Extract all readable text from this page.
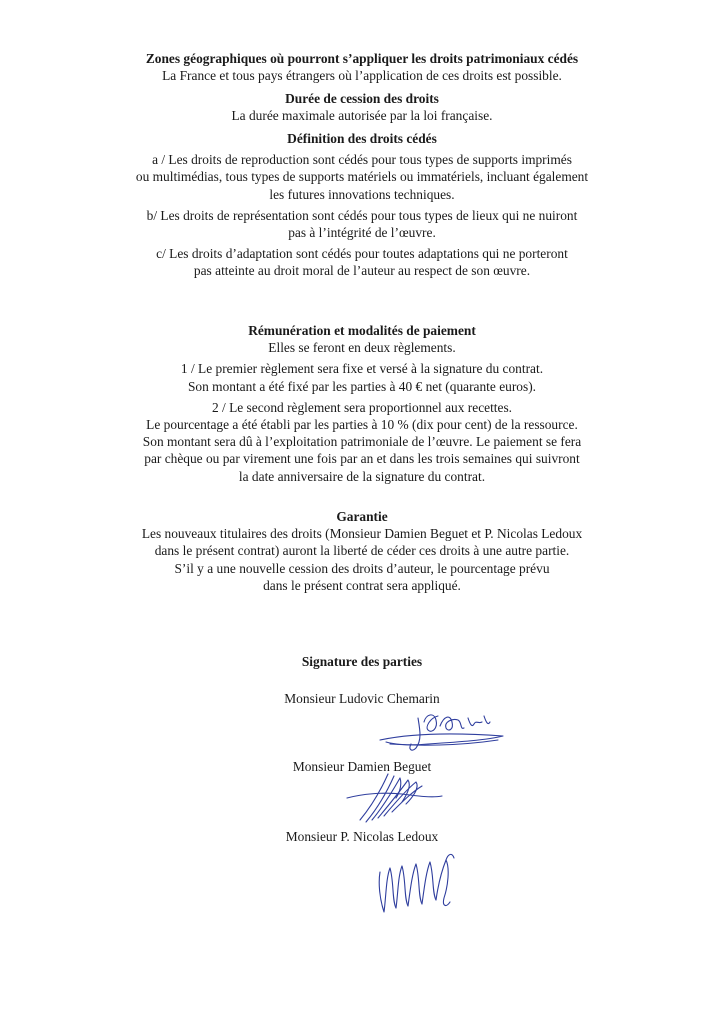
Zones géographiques où pourront s’appliquer les droits patrimoniaux cédés
La France et tous pays étrangers où l’application de ces droits est possible.
Durée de cession des droits
La durée maximale autorisée par la loi française.
Définition des droits cédés
a / Les droits de reproduction sont cédés pour tous types de supports imprimés
ou multimédias, tous types de supports matériels ou immatériels, incluant également
les futures innovations techniques.
b/ Les droits de représentation sont cédés pour tous types de lieux qui ne nuiront
pas à l’intégrité de l’œuvre.
c/ Les droits d’adaptation sont cédés pour toutes adaptations qui ne porteront
pas atteinte au droit moral de l’auteur au respect de son œuvre.
Rémunération et modalités de paiement
Elles se feront en deux règlements.
1 / Le premier règlement sera fixe et versé à la signature du contrat.
Son montant a été fixé par les parties à 40 € net (quarante euros).
2 / Le second règlement sera proportionnel aux recettes.
Le pourcentage a été établi par les parties à 10 % (dix pour cent) de la ressource.
Son montant sera dû à l’exploitation patrimoniale de l’œuvre. Le paiement se fera
par chèque ou par virement une fois par an et dans les trois semaines qui suivront
la date anniversaire de la signature du contrat.
Garantie
Les nouveaux titulaires des droits (Monsieur Damien Beguet et P. Nicolas Ledoux
dans le présent contrat) auront la liberté de céder ces droits à une autre partie.
S’il y a une nouvelle cession des droits d’auteur, le pourcentage prévu
dans le présent contrat sera appliqué.
Signature des parties
Monsieur Ludovic Chemarin
Monsieur Damien Beguet
Monsieur P. Nicolas Ledoux
